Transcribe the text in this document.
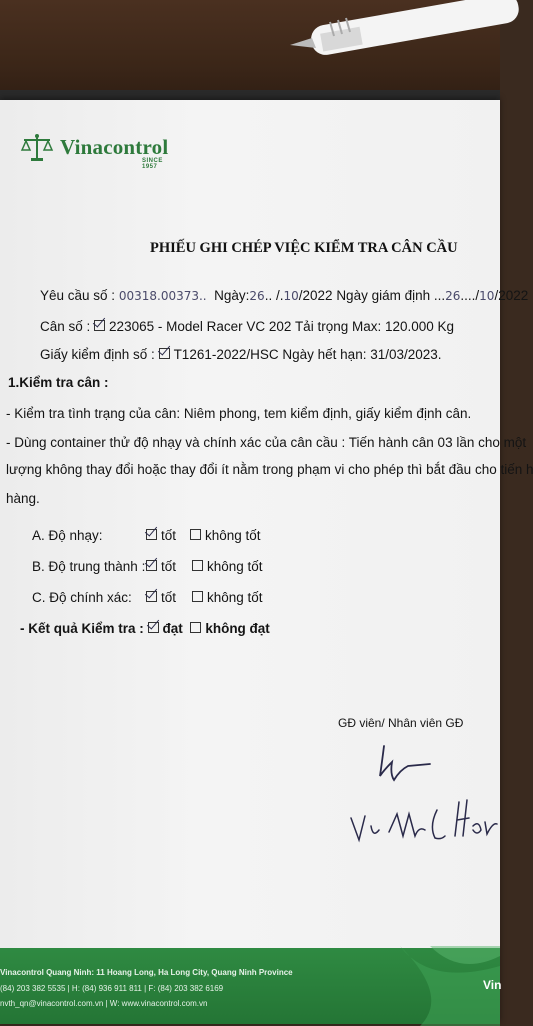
Vinacontrol
SINCE 1957
PHIẾU GHI CHÉP VIỆC KIỂM TRA CÂN CẦU
Yêu cầu số : 00318.00373.. Ngày:26.. /.10/2022 Ngày giám định ...26..../10/2022
Cân số : 223065 - Model Racer VC 202 Tải trọng Max: 120.000 Kg
Giấy kiểm định số : T1261-2022/HSC Ngày hết hạn: 31/03/2023.
1.Kiểm tra cân :
- Kiểm tra tình trạng của cân: Niêm phong, tem kiểm định, giấy kiểm định cân.
- Dùng container thử độ nhạy và chính xác của cân cầu : Tiến hành cân 03 lần cho một
lượng không thay đổi hoặc thay đổi ít nằm trong phạm vi cho phép thì bắt đầu cho tiến h
hàng.
A. Độ nhạy:	tốt	không tốt
B. Độ trung thành :	tốt	không tốt
C. Độ chính xác:	tốt	không tốt
- Kết quả Kiểm tra : đạt không đạt
GĐ viên/ Nhân viên GĐ
Vinacontrol Quang Ninh: 11 Hoang Long, Ha Long City, Quang Ninh Province
(84) 203 382 5535 | H: (84) 936 911 811 | F: (84) 203 382 6169
nvth_qn@vinacontrol.com.vn | W: www.vinacontrol.com.vn
Vin
